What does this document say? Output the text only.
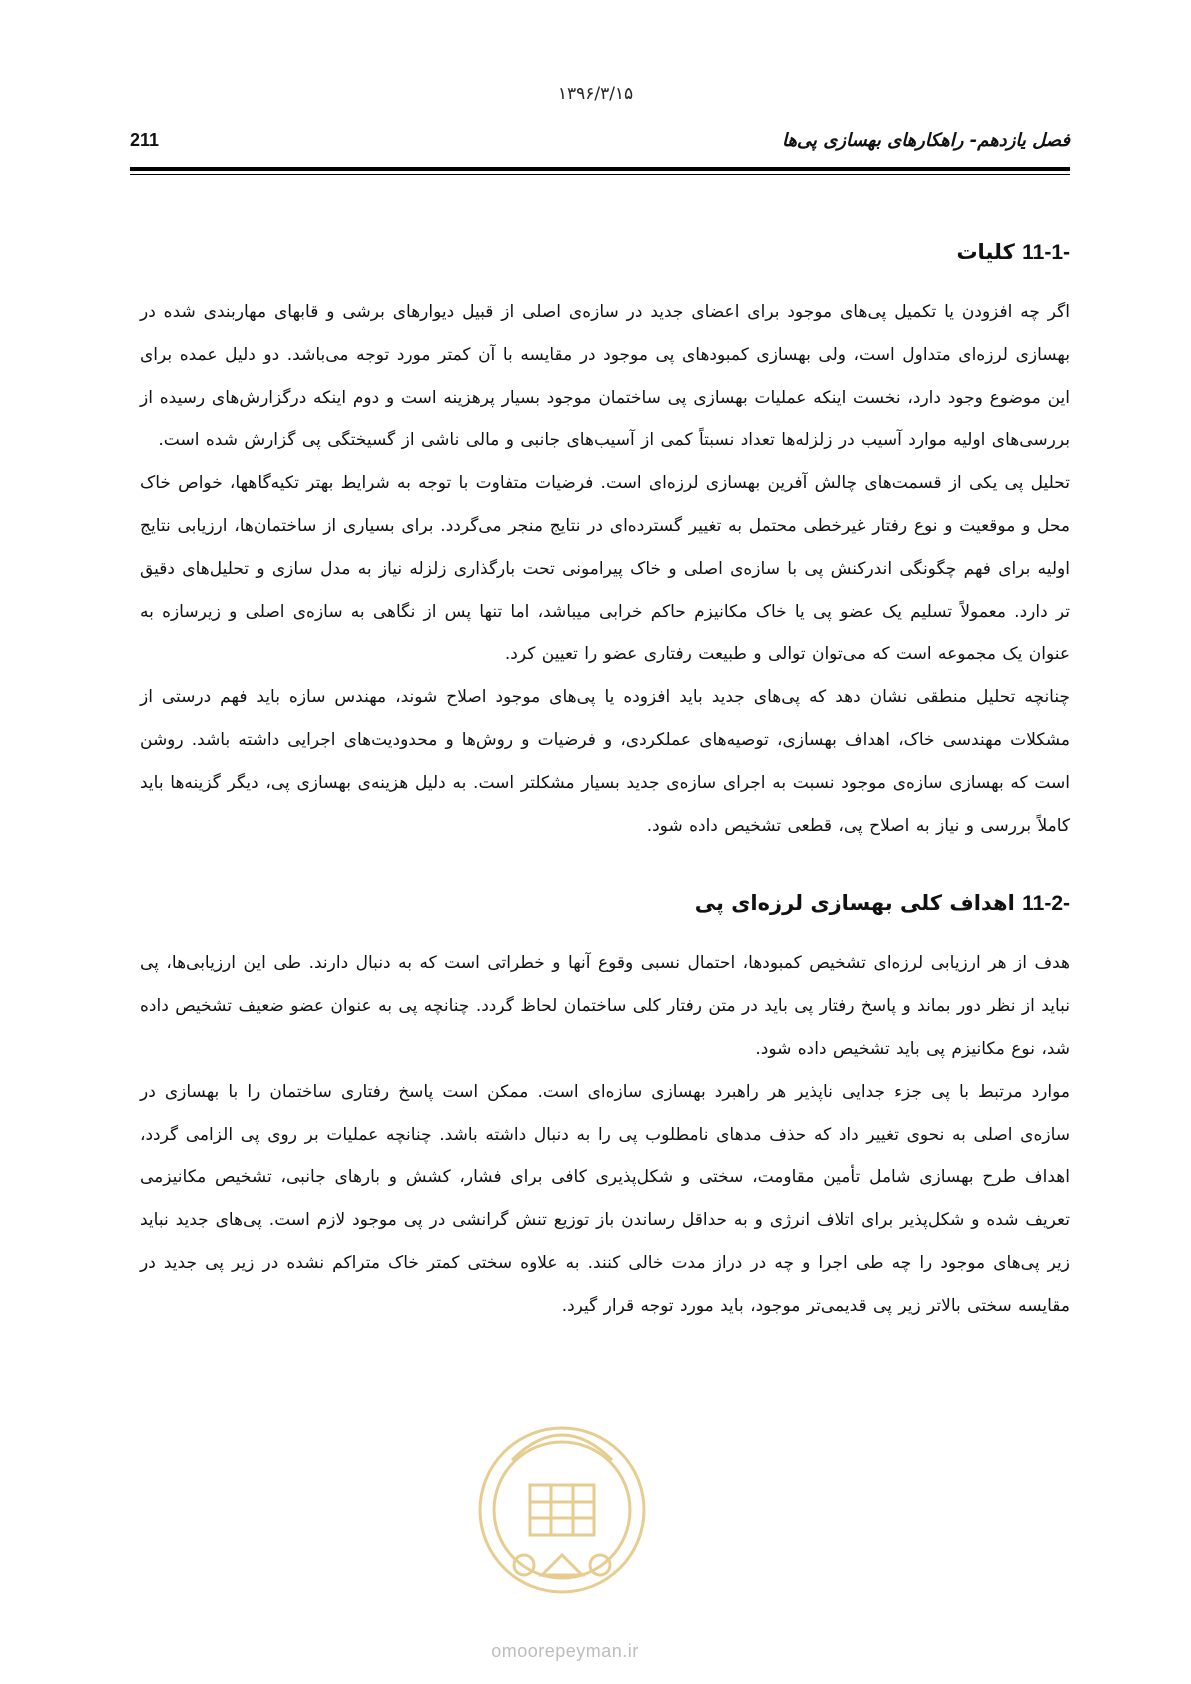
۱۳۹۶/۳/۱۵
211	فصل یازدهم- راهکارهای بهسازی پی‌ها
11-1- کلیات

اگر چه افزودن یا تکمیل پی‌های موجود برای اعضای جدید در سازه‌ی اصلی از قبیل دیوارهای برشی و قابهای مهاربندی شده در بهسازی لرزه‌ای متداول است، ولی بهسازی کمبودهای پی موجود در مقایسه با آن کمتر مورد توجه می‌باشد. دو دلیل عمده برای این موضوع وجود دارد، نخست اینکه عملیات بهسازی پی ساختمان موجود بسیار پرهزینه است و دوم اینکه درگزارش‌های رسیده از بررسی‌های اولیه موارد آسیب در زلزله‌ها تعداد نسبتاً کمی از آسیب‌های جانبی و مالی ناشی از گسیختگی پی گزارش شده است.

تحلیل پی یکی از قسمت‌های چالش آفرین بهسازی لرزه‌ای است. فرضیات متفاوت با توجه به شرایط بهتر تکیه‌گاهها، خواص خاک محل و موقعیت و نوع رفتار غیرخطی محتمل به تغییر گسترده‌ای در نتایج منجر می‌گردد. برای بسیاری از ساختمان‌ها، ارزیابی نتایج اولیه برای فهم چگونگی اندرکنش پی با سازه‌ی اصلی و خاک پیرامونی تحت بارگذاری زلزله نیاز به مدل سازی و تحلیل‌های دقیق تر دارد. معمولاً تسلیم یک عضو پی یا خاک مکانیزم حاکم خرابی میباشد، اما تنها پس از نگاهی به سازه‌ی اصلی و زیرسازه به عنوان یک مجموعه است که می‌توان توالی و طبیعت رفتاری عضو را تعیین کرد.

چنانچه تحلیل منطقی نشان دهد که پی‌های جدید باید افزوده یا پی‌های موجود اصلاح شوند، مهندس سازه باید فهم درستی از مشکلات مهندسی خاک، اهداف بهسازی، توصیه‌های عملکردی، و فرضیات و روش‌ها و محدودیت‌های اجرایی داشته باشد. روشن است که بهسازی سازه‌ی موجود نسبت به اجرای سازه‌ی جدید بسیار مشکلتر است. به دلیل هزینه‌ی بهسازی پی، دیگر گزینه‌ها باید کاملاً بررسی و نیاز به اصلاح پی، قطعی تشخیص داده شود.

11-2- اهداف کلی بهسازی لرزه‌ای پی

هدف از هر ارزیابی لرزه‌ای تشخیص کمبودها، احتمال نسبی وقوع آنها و خطراتی است که به دنبال دارند. طی این ارزیابی‌ها، پی نباید از نظر دور بماند و پاسخ رفتار پی باید در متن رفتار کلی ساختمان لحاظ گردد. چنانچه پی به عنوان عضو ضعیف تشخیص داده شد، نوع مکانیزم پی باید تشخیص داده شود.

موارد مرتبط با پی جزء جدایی ناپذیر هر راهبرد بهسازی سازه‌ای است. ممکن است پاسخ رفتاری ساختمان را با بهسازی در سازه‌ی اصلی به نحوی تغییر داد که حذف مدهای نامطلوب پی را به دنبال داشته باشد. چنانچه عملیات بر روی پی الزامی گردد، اهداف طرح بهسازی شامل تأمین مقاومت، سختی و شکل‌پذیری کافی برای فشار، کشش و بارهای جانبی، تشخیص مکانیزمی تعریف شده و شکل‌پذیر برای اتلاف انرژی و به حداقل رساندن باز توزیع تنش گرانشی در پی موجود لازم است. پی‌های جدید نباید زیر پی‌های موجود را چه طی اجرا و چه در دراز مدت خالی کنند. به علاوه سختی کمتر خاک متراکم نشده در زیر پی جدید در مقایسه سختی بالاتر زیر پی قدیمی‌تر موجود، باید مورد توجه قرار گیرد.

omoorepeyman.ir
